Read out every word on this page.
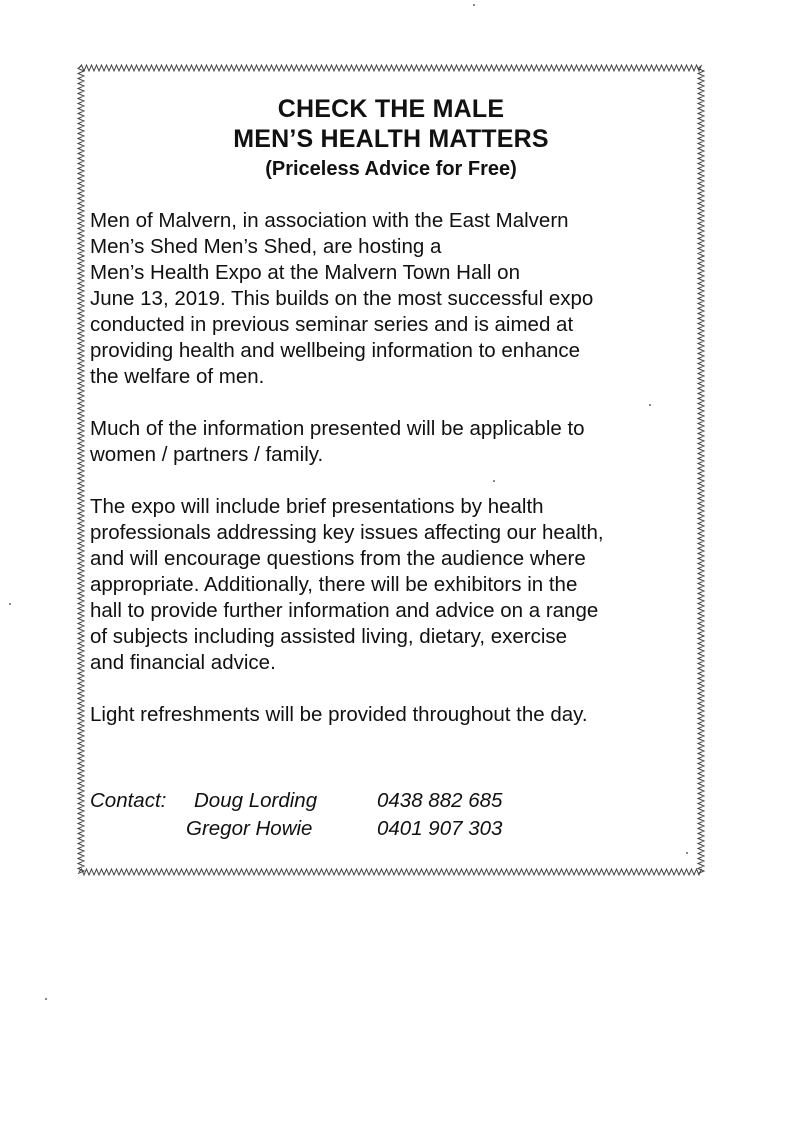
CHECK THE MALE
MEN’S HEALTH MATTERS
(Priceless Advice for Free)
Men of Malvern, in association with the East Malvern
Men’s Shed Men’s Shed, are hosting a
Men’s Health Expo at the Malvern Town Hall on
June 13, 2019. This builds on the most successful expo
conducted in previous seminar series and is aimed at
providing health and wellbeing information to enhance
the welfare of men.
Much of the information presented will be applicable to
women / partners / family.
The expo will include brief presentations by health
professionals addressing key issues affecting our health,
and will encourage questions from the audience where
appropriate. Additionally, there will be exhibitors in the
hall to provide further information and advice on a range
of subjects including assisted living, dietary, exercise
and financial advice.
Light refreshments will be provided throughout the day.
Contact: Doug Lording	0438 882 685
Gregor Howie	0401 907 303
